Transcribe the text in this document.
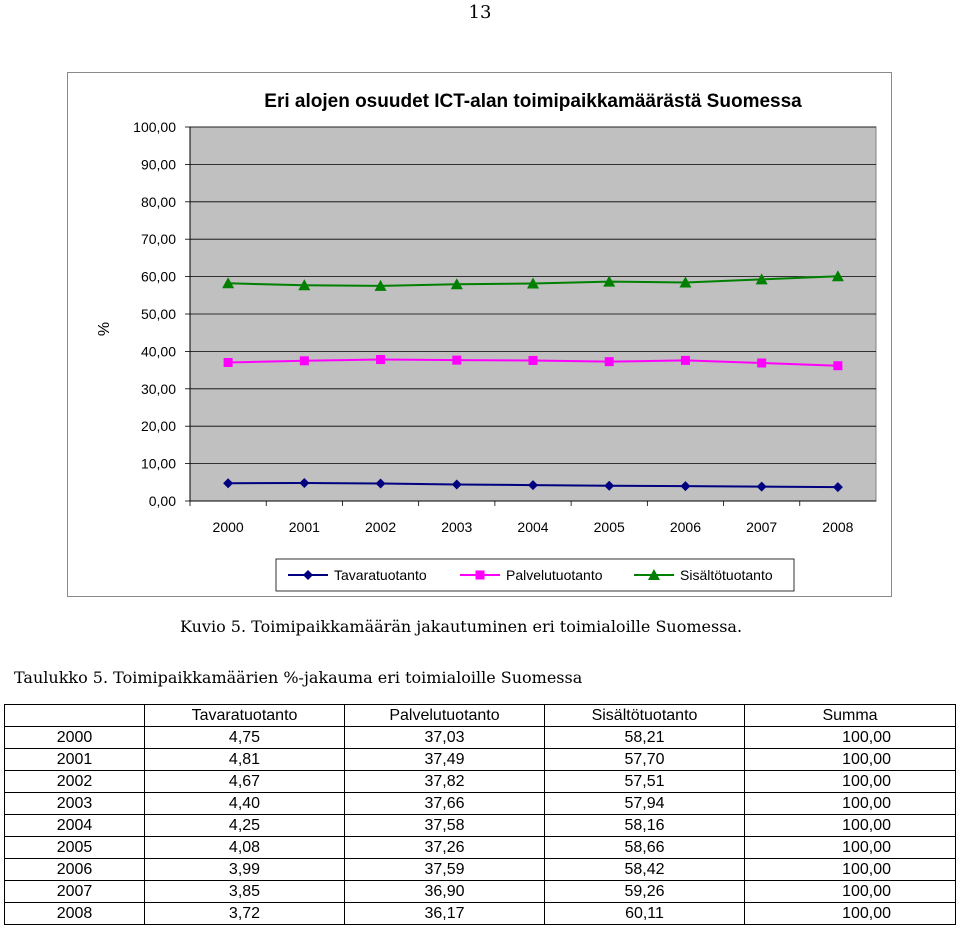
13
Eri alojen osuudet ICT-alan toimipaikkamäärästä Suomessa
0,00
10,00
20,00
30,00
40,00
50,00
60,00
70,00
80,00
90,00
100,00
2000	2001	2002	2003	2004	2005	2006	2007	2008
%
Tavaratuotanto	Palvelutuotanto	Sisältötuotanto
Kuvio 5. Toimipaikkamäärän jakautuminen eri toimialoille Suomessa.
Taulukko 5. Toimipaikkamäärien %-jakauma eri toimialoille Suomessa
	Tavaratuotanto	Palvelutuotanto	Sisältötuotanto	Summa
2000	4,75	37,03	58,21	100,00
2001	4,81	37,49	57,70	100,00
2002	4,67	37,82	57,51	100,00
2003	4,40	37,66	57,94	100,00
2004	4,25	37,58	58,16	100,00
2005	4,08	37,26	58,66	100,00
2006	3,99	37,59	58,42	100,00
2007	3,85	36,90	59,26	100,00
2008	3,72	36,17	60,11	100,00
